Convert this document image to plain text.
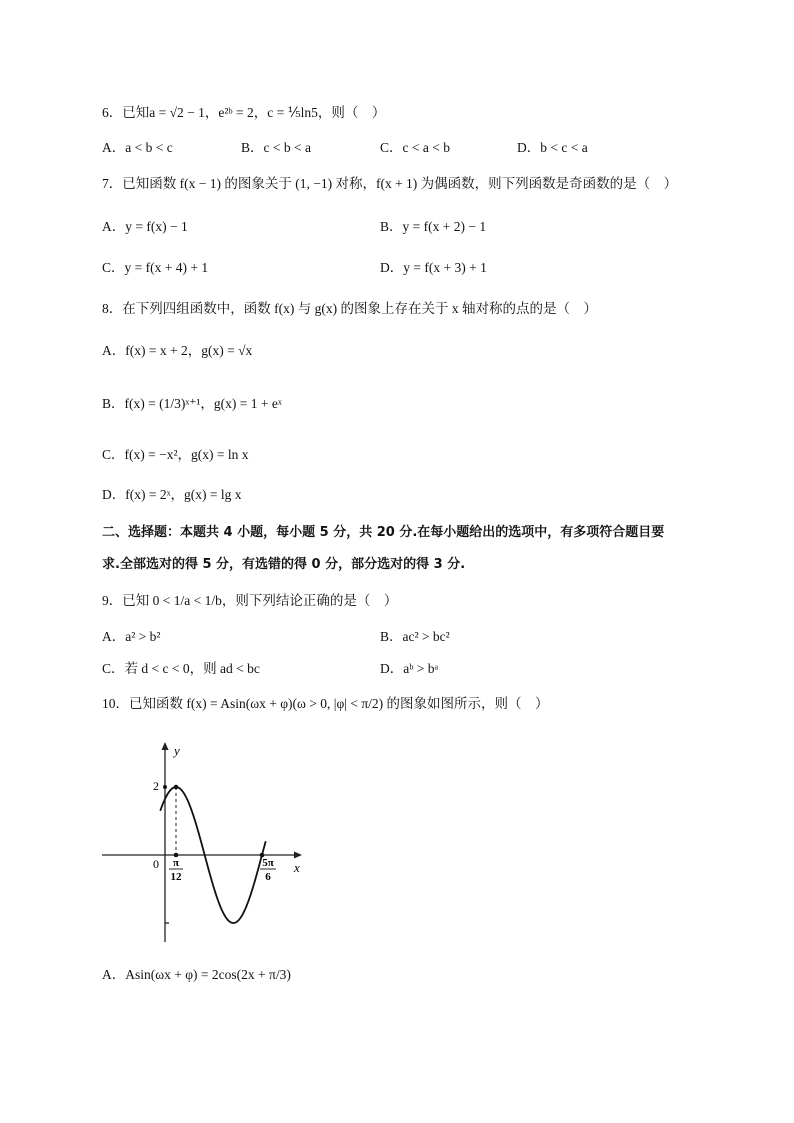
6．已知a = √2 − 1，e²ᵇ = 2，c = ⅕ln5，则（　）
A．a < b < c	B．c < b < a	C．c < a < b	D．b < c < a
7．已知函数 f(x − 1) 的图象关于 (1, −1) 对称，f(x + 1) 为偶函数，则下列函数是奇函数的是（　）
A．y = f(x) − 1	B．y = f(x + 2) − 1
C．y = f(x + 4) + 1	D．y = f(x + 3) + 1
8．在下列四组函数中，函数 f(x) 与 g(x) 的图象上存在关于 x 轴对称的点的是（　）
A．f(x) = x + 2，g(x) = √x
B．f(x) = (1/3)ˣ⁺¹，g(x) = 1 + eˣ
C．f(x) = −x²，g(x) = ln x
D．f(x) = 2ˣ，g(x) = lg x
二、选择题：本题共 4 小题，每小题 5 分，共 20 分.在每小题给出的选项中，有多项符合题目要
求.全部选对的得 5 分，有选错的得 0 分，部分选对的得 3 分.
9．已知 0 < 1/a < 1/b，则下列结论正确的是（　）
A．a² > b²	B．ac² > bc²
C．若 d < c < 0，则 ad < bc	D．aᵇ > bᵃ
10．已知函数 f(x) = Asin(ωx + φ)(ω > 0, |φ| < π/2) 的图象如图所示，则（　）
y
x
0
2
π
12
5π
6
A．Asin(ωx + φ) = 2cos(2x + π/3)
